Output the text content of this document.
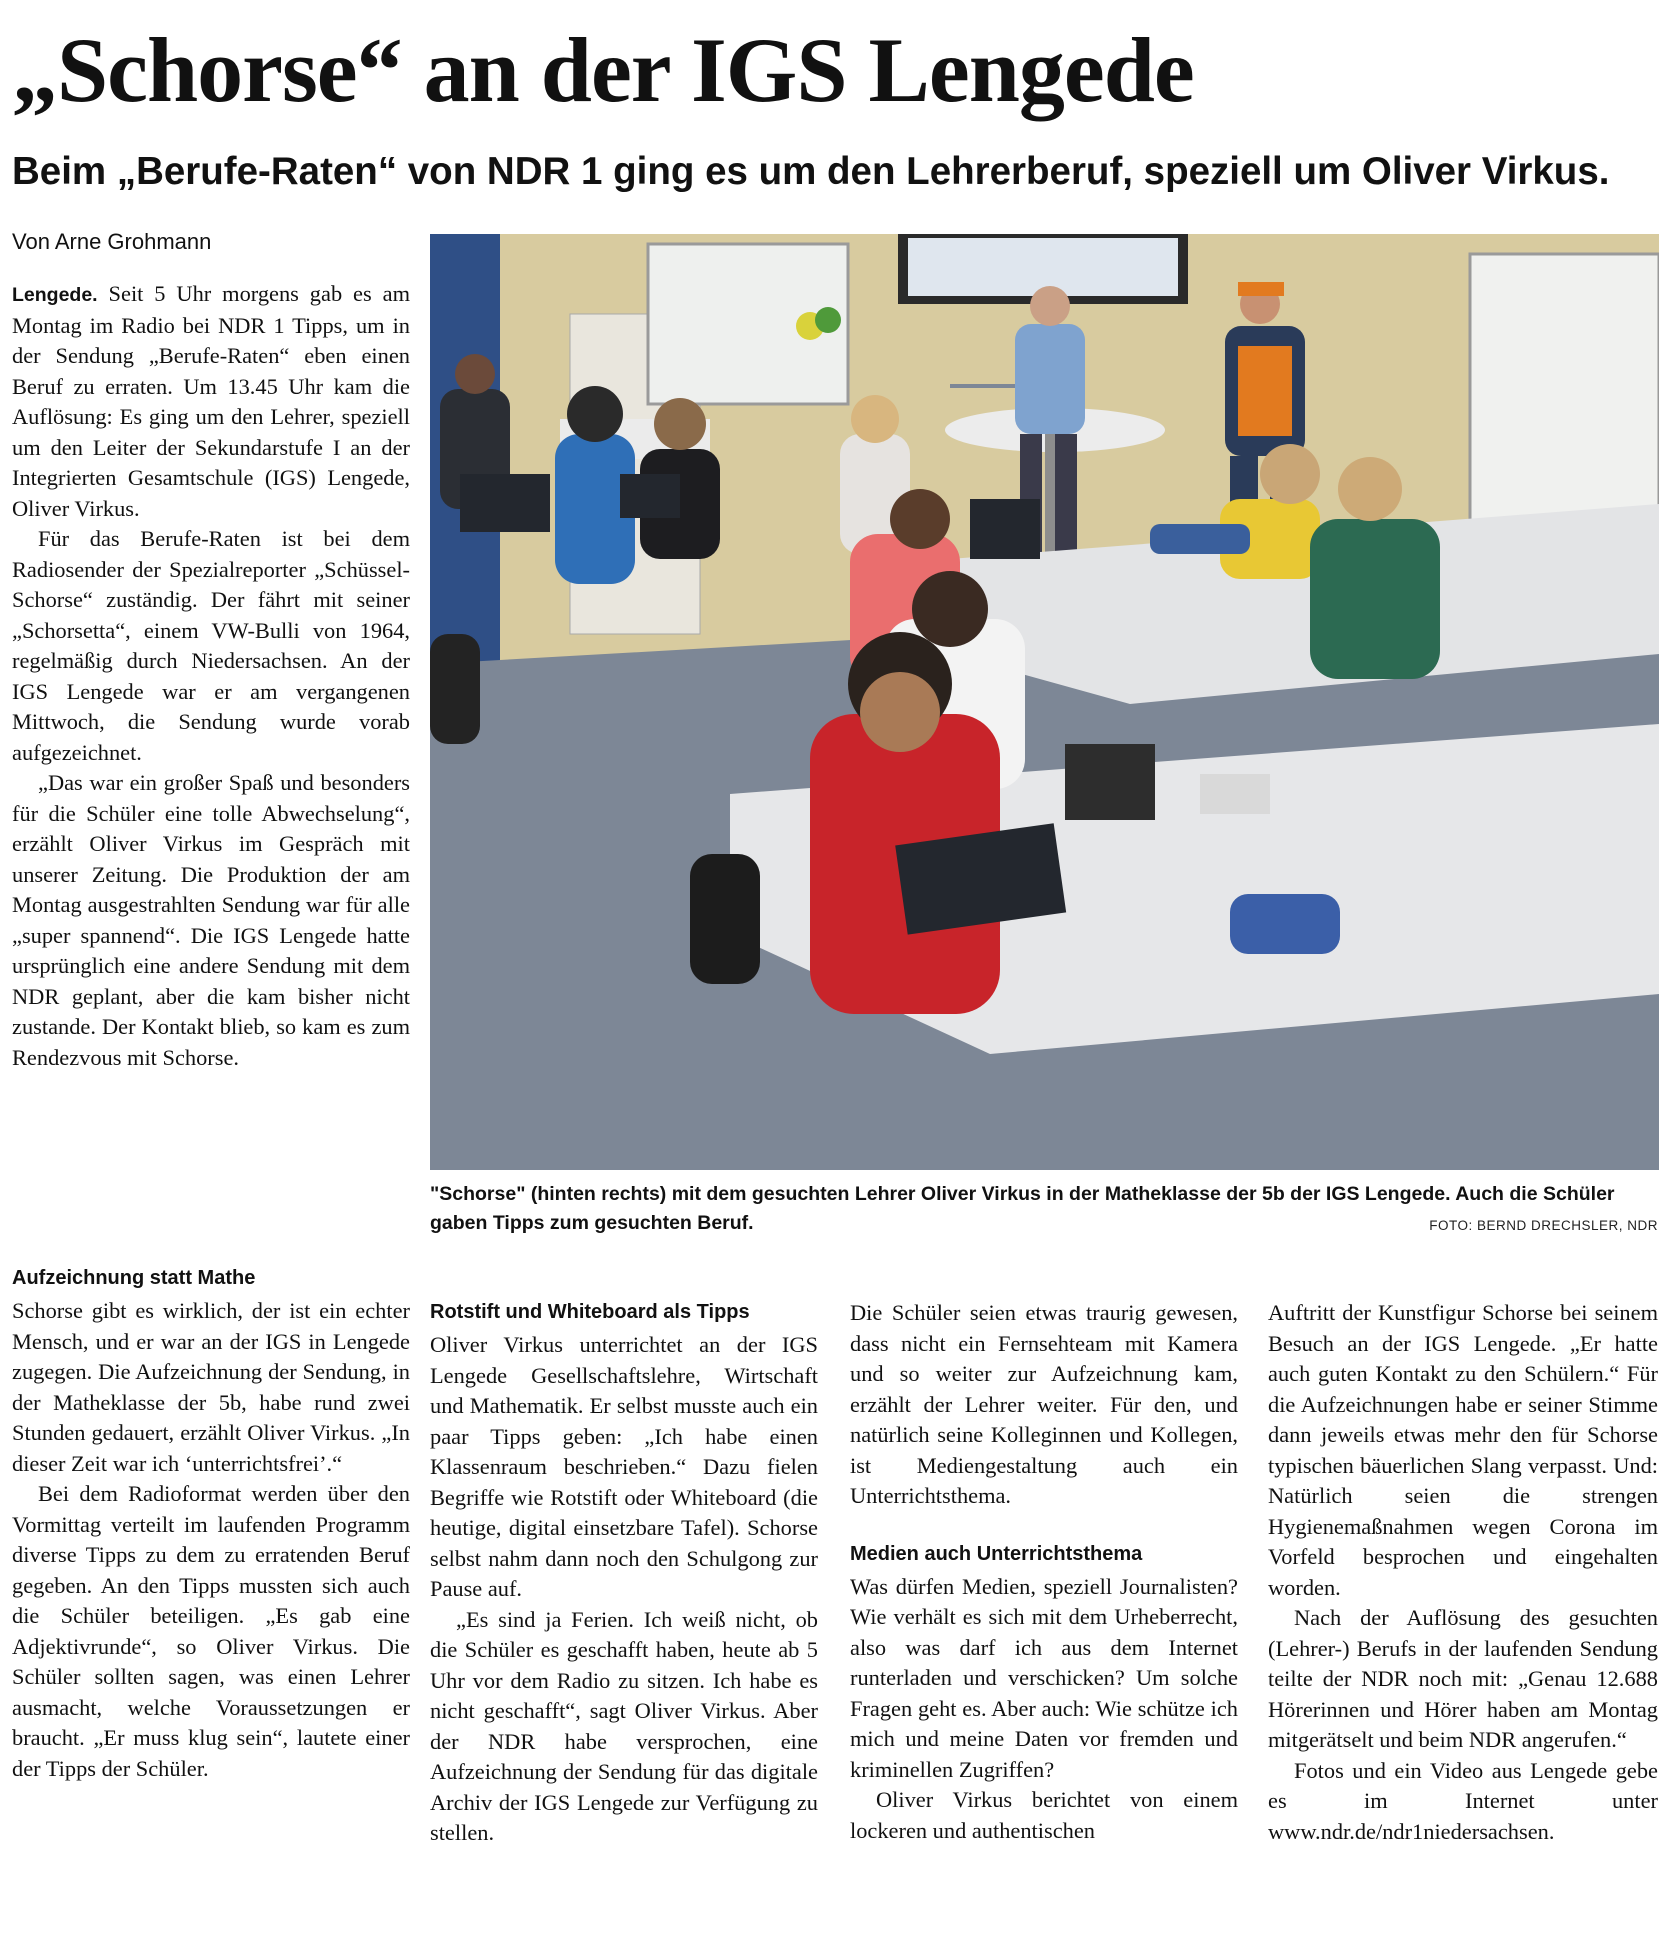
„Schorse“ an der IGS Lengede
Beim „Berufe-Raten“ von NDR 1 ging es um den Lehrerberuf, speziell um Oliver Virkus.
Von Arne Grohmann

Lengede. Seit 5 Uhr morgens gab es am Montag im Radio bei NDR 1 Tipps, um in der Sendung „Berufe-Raten“ eben einen Beruf zu erraten. Um 13.45 Uhr kam die Auflösung: Es ging um den Lehrer, speziell um den Leiter der Sekundarstufe I an der Integrierten Gesamtschule (IGS) Lengede, Oliver Virkus.

Für das Berufe-Raten ist bei dem Radiosender der Spezialreporter „Schüssel-Schorse“ zuständig. Der fährt mit seiner „Schorsetta“, einem VW-Bulli von 1964, regelmäßig durch Niedersachsen. An der IGS Lengede war er am vergangenen Mittwoch, die Sendung wurde vorab aufgezeichnet.

„Das war ein großer Spaß und besonders für die Schüler eine tolle Abwechselung“, erzählt Oliver Virkus im Gespräch mit unserer Zeitung. Die Produktion der am Montag ausgestrahlten Sendung war für alle „super spannend“. Die IGS Lengede hatte ursprünglich eine andere Sendung mit dem NDR geplant, aber die kam bisher nicht zustande. Der Kontakt blieb, so kam es zum Rendezvous mit Schorse.

Aufzeichnung statt Mathe

Schorse gibt es wirklich, der ist ein echter Mensch, und er war an der IGS in Lengede zugegen. Die Aufzeichnung der Sendung, in der Matheklasse der 5b, habe rund zwei Stunden gedauert, erzählt Oliver Virkus. „In dieser Zeit war ich ‘unterrichtsfrei’.“

Bei dem Radioformat werden über den Vormittag verteilt im laufenden Programm diverse Tipps zu dem zu erratenden Beruf gegeben. An den Tipps mussten sich auch die Schüler beteiligen. „Es gab eine Adjektivrunde“, so Oliver Virkus. Die Schüler sollten sagen, was einen Lehrer ausmacht, welche Voraussetzungen er braucht. „Er muss klug sein“, lautete einer der Tipps der Schüler.

"Schorse" (hinten rechts) mit dem gesuchten Lehrer Oliver Virkus in der Matheklasse der 5b der IGS Lengede. Auch die Schüler gaben Tipps zum gesuchten Beruf.	FOTO: BERND DRECHSLER, NDR
Rotstift und Whiteboard als Tipps

Oliver Virkus unterrichtet an der IGS Lengede Gesellschaftslehre, Wirtschaft und Mathematik. Er selbst musste auch ein paar Tipps geben: „Ich habe einen Klassenraum beschrieben.“ Dazu fielen Begriffe wie Rotstift oder Whiteboard (die heutige, digital einsetzbare Tafel). Schorse selbst nahm dann noch den Schulgong zur Pause auf.

„Es sind ja Ferien. Ich weiß nicht, ob die Schüler es geschafft haben, heute ab 5 Uhr vor dem Radio zu sitzen. Ich habe es nicht geschafft“, sagt Oliver Virkus. Aber der NDR habe versprochen, eine Aufzeichnung der Sendung für das digitale Archiv der IGS Lengede zur Verfügung zu stellen.

Die Schüler seien etwas traurig gewesen, dass nicht ein Fernsehteam mit Kamera und so weiter zur Aufzeichnung kam, erzählt der Lehrer weiter. Für den, und natürlich seine Kolleginnen und Kollegen, ist Mediengestaltung auch ein Unterrichtsthema.

Medien auch Unterrichtsthema

Was dürfen Medien, speziell Journalisten? Wie verhält es sich mit dem Urheberrecht, also was darf ich aus dem Internet runterladen und verschicken? Um solche Fragen geht es. Aber auch: Wie schütze ich mich und meine Daten vor fremden und kriminellen Zugriffen?

Oliver Virkus berichtet von einem lockeren und authentischen

Auftritt der Kunstfigur Schorse bei seinem Besuch an der IGS Lengede. „Er hatte auch guten Kontakt zu den Schülern.“ Für die Aufzeichnungen habe er seiner Stimme dann jeweils etwas mehr den für Schorse typischen bäuerlichen Slang verpasst. Und: Natürlich seien die strengen Hygienemaßnahmen wegen Corona im Vorfeld besprochen und eingehalten worden.

Nach der Auflösung des gesuchten (Lehrer-) Berufs in der laufenden Sendung teilte der NDR noch mit: „Genau 12.688 Hörerinnen und Hörer haben am Montag mitgerätselt und beim NDR angerufen.“

Fotos und ein Video aus Lengede gebe es im Internet unter www.ndr.de/ndr1niedersachsen.
